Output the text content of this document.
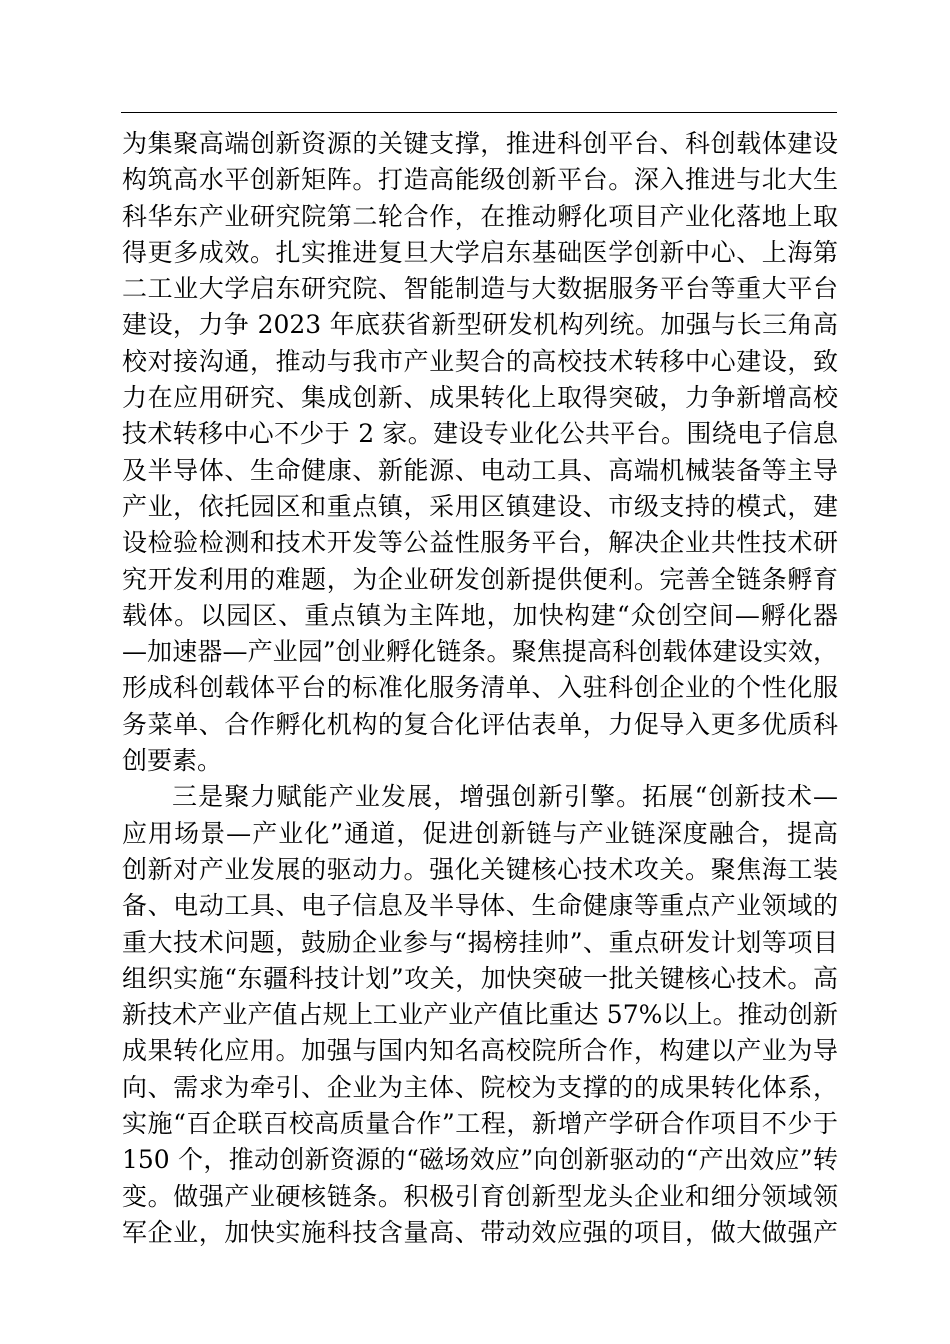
为集聚高端创新资源的关键支撑，推进科创平台、科创载体建设
构筑高水平创新矩阵。打造高能级创新平台。深入推进与北大生
科华东产业研究院第二轮合作，在推动孵化项目产业化落地上取
得更多成效。扎实推进复旦大学启东基础医学创新中心、上海第
二工业大学启东研究院、智能制造与大数据服务平台等重大平台
建设，力争 2023 年底获省新型研发机构列统。加强与长三角高
校对接沟通，推动与我市产业契合的高校技术转移中心建设，致
力在应用研究、集成创新、成果转化上取得突破，力争新增高校
技术转移中心不少于 2 家。建设专业化公共平台。围绕电子信息
及半导体、生命健康、新能源、电动工具、高端机械装备等主导
产业，依托园区和重点镇，采用区镇建设、市级支持的模式，建
设检验检测和技术开发等公益性服务平台，解决企业共性技术研
究开发利用的难题，为企业研发创新提供便利。完善全链条孵育
载体。以园区、重点镇为主阵地，加快构建“众创空间—孵化器
—加速器—产业园”创业孵化链条。聚焦提高科创载体建设实效，
形成科创载体平台的标准化服务清单、入驻科创企业的个性化服
务菜单、合作孵化机构的复合化评估表单，力促导入更多优质科
创要素。
三是聚力赋能产业发展，增强创新引擎。拓展“创新技术—
应用场景—产业化”通道，促进创新链与产业链深度融合，提高
创新对产业发展的驱动力。强化关键核心技术攻关。聚焦海工装
备、电动工具、电子信息及半导体、生命健康等重点产业领域的
重大技术问题，鼓励企业参与“揭榜挂帅”、重点研发计划等项目
组织实施“东疆科技计划”攻关，加快突破一批关键核心技术。高
新技术产业产值占规上工业产业产值比重达 57%以上。推动创新
成果转化应用。加强与国内知名高校院所合作，构建以产业为导
向、需求为牵引、企业为主体、院校为支撑的的成果转化体系，
实施“百企联百校高质量合作”工程，新增产学研合作项目不少于
150 个，推动创新资源的“磁场效应”向创新驱动的“产出效应”转
变。做强产业硬核链条。积极引育创新型龙头企业和细分领域领
军企业，加快实施科技含量高、带动效应强的项目，做大做强产
